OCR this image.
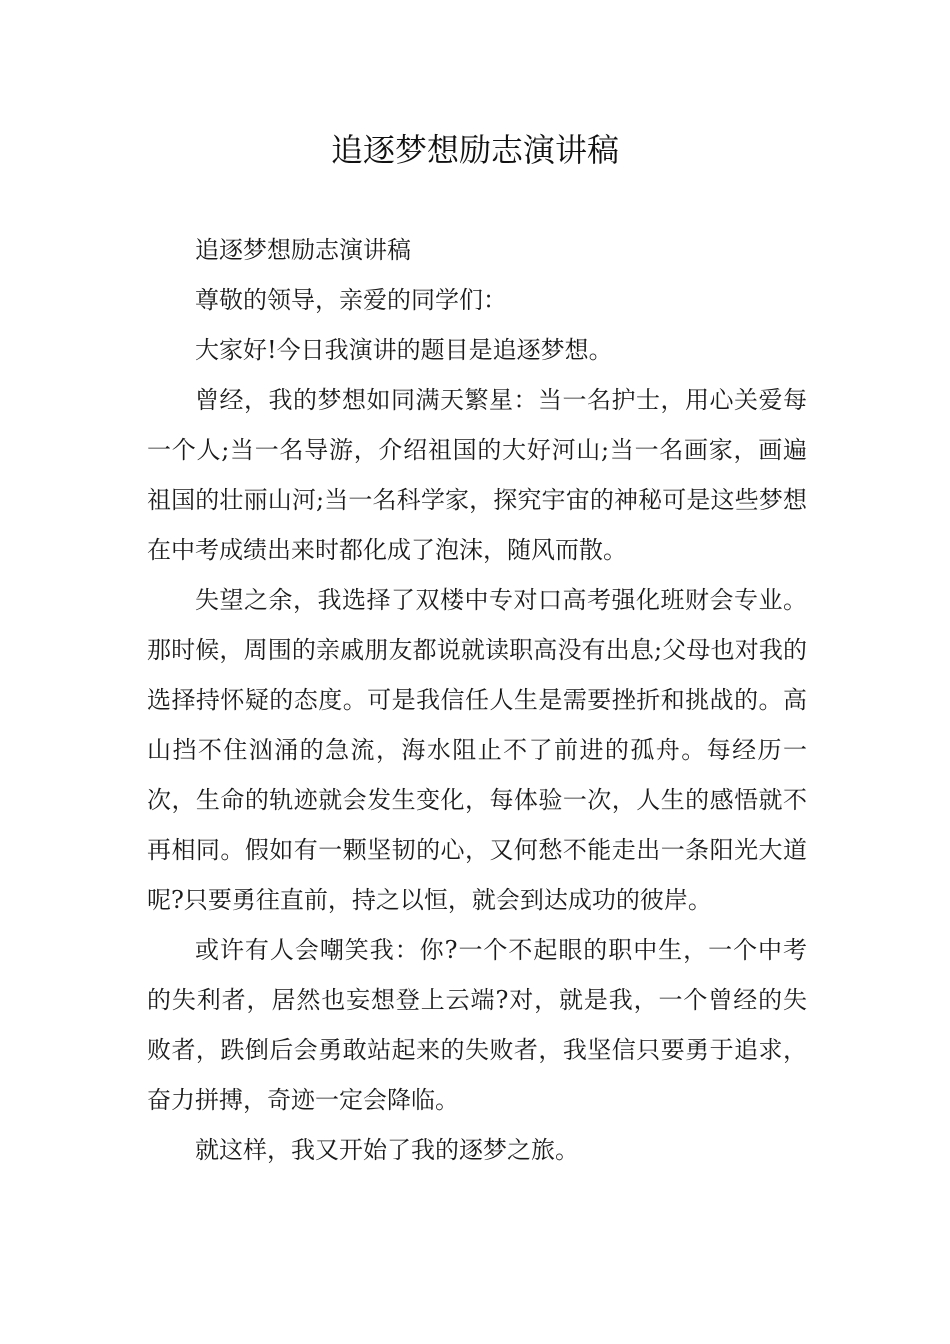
追逐梦想励志演讲稿

追逐梦想励志演讲稿

尊敬的领导，亲爱的同学们：

大家好!今日我演讲的题目是追逐梦想。

曾经，我的梦想如同满天繁星：当一名护士，用心关爱每一个人;当一名导游，介绍祖国的大好河山;当一名画家，画遍祖国的壮丽山河;当一名科学家，探究宇宙的神秘可是这些梦想在中考成绩出来时都化成了泡沫，随风而散。

失望之余，我选择了双楼中专对口高考强化班财会专业。那时候，周围的亲戚朋友都说就读职高没有出息;父母也对我的选择持怀疑的态度。可是我信任人生是需要挫折和挑战的。高山挡不住汹涌的急流，海水阻止不了前进的孤舟。每经历一次，生命的轨迹就会发生变化，每体验一次，人生的感悟就不再相同。假如有一颗坚韧的心，又何愁不能走出一条阳光大道呢?只要勇往直前，持之以恒，就会到达成功的彼岸。

或许有人会嘲笑我：你?一个不起眼的职中生，一个中考的失利者，居然也妄想登上云端?对，就是我，一个曾经的失败者，跌倒后会勇敢站起来的失败者，我坚信只要勇于追求，奋力拼搏，奇迹一定会降临。

就这样，我又开始了我的逐梦之旅。
